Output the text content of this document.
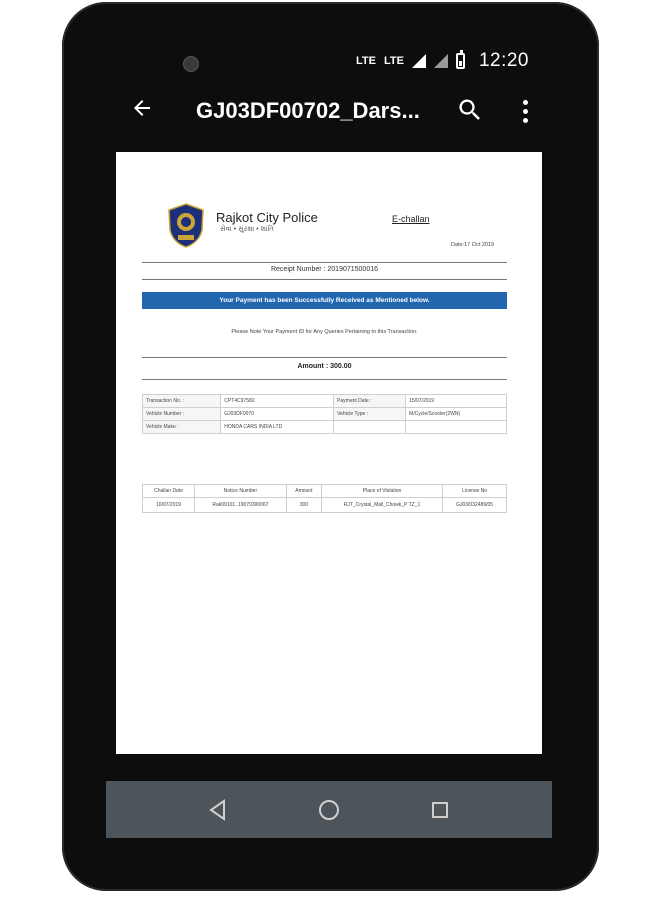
LTE LTE	12:20
GJ03DF00702_Dars...
Rajkot City Police
સેવા • સુરક્ષા • શાંતિ
E-challan
Date:17 Oct 2019
Receipt Number : 2019071500016
Your Payment has been Successfully Received as Mentioned below.
Please Note Your Payment ID for Any Queries Pertaining to this Transaction.
Amount : 300.00
Transaction No. :	CPT4C97582	Payment Date :	15/07/2019
Vehicle Number :	GJ03DF0070	Vehicle Type :	M/Cycle/Scooter(2WN)
Vehicle Make :	HONDA CARS INDIA LTD		
Challan Date	Notice Number	Amount	Place of Violation	License No
10/07/2019	Rak09101..19070300067	300	RJT_Crystal_Mall_Chowk_P TZ_1	GJ03/032489/05
